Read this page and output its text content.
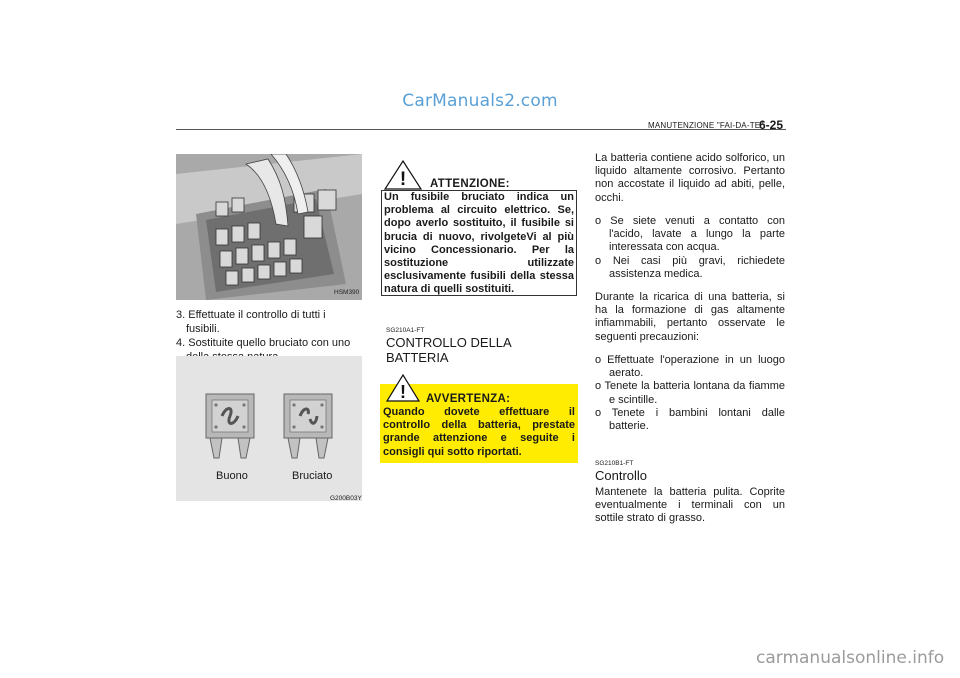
CarManuals2.com
MANUTENZIONE "FAI-DA-TE"
6-25
HSM390
3. Effettuate il controllo di tutti i fusibili.
4. Sostituite quello bruciato con uno
Buono	Bruciato
G200B03Y
! ATTENZIONE:
Un fusibile bruciato indica un problema al circuito elettrico. Se, dopo averlo sostituito, il fusibile si brucia di nuovo, rivolgeteVi al più vicino Concessionario. Per la sostituzione utilizzate esclusivamente fusibili della stessa natura di quelli sostituiti.
SG210A1-FT
CONTROLLO DELLA
BATTERIA
! AVVERTENZA:
Quando dovete effettuare il controllo della batteria, prestate grande attenzione e seguite i consigli qui sotto riportati.
La batteria contiene acido solforico, un liquido altamente corrosivo. Pertanto non accostate il liquido ad abiti, pelle, occhi.
o Se siete venuti a contatto con l'acido, lavate a lungo la parte interessata con acqua.
o Nei casi più gravi, richiedete assistenza medica.
Durante la ricarica di una batteria, si ha la formazione di gas altamente infiammabili, pertanto osservate le seguenti precauzioni:
o Effettuate l'operazione in un luogo aerato.
o Tenete la batteria lontana da fiamme e scintille.
o Tenete i bambini lontani dalle batterie.
SG210B1-FT
Controllo
Mantenete la batteria pulita. Coprite eventualmente i terminali con un sottile strato di grasso.
carmanualsonline.info
